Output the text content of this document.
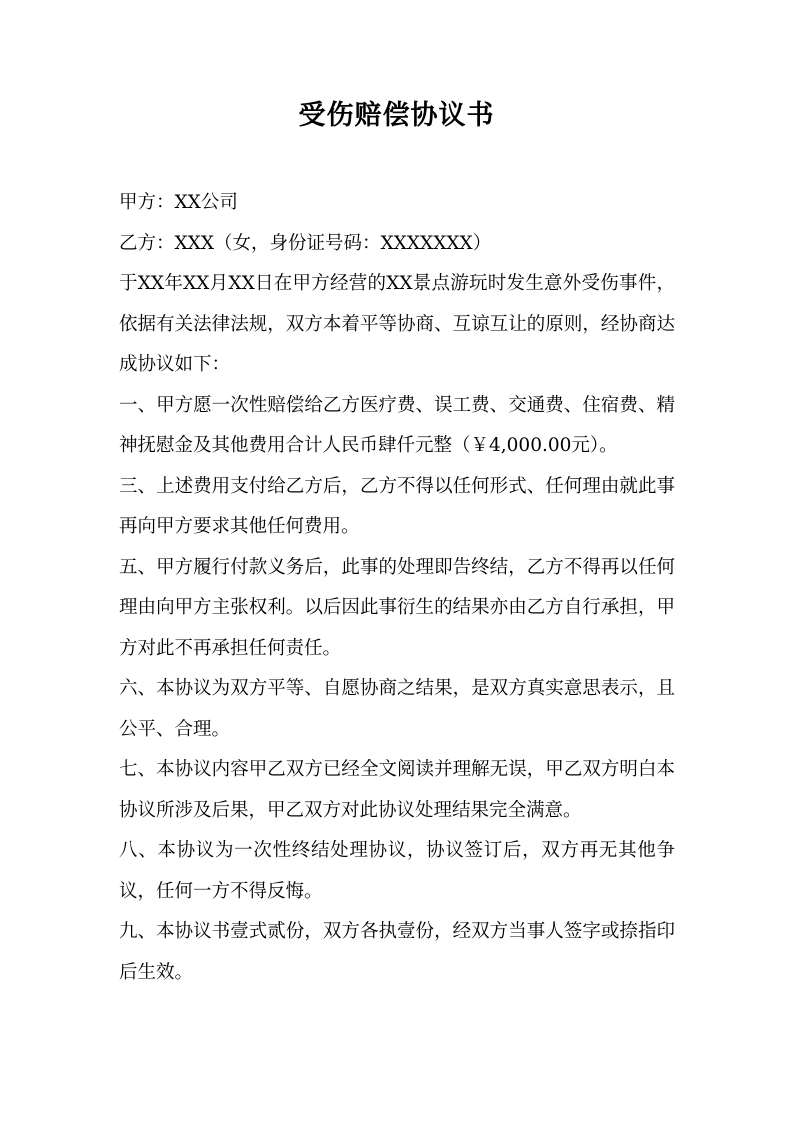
受伤赔偿协议书

甲方：XX公司

乙方：XXX（女，身份证号码：XXXXXXX）

于XX年XX月XX日在甲方经营的XX景点游玩时发生意外受伤事件，依据有关法律法规，双方本着平等协商、互谅互让的原则，经协商达成协议如下：

一、甲方愿一次性赔偿给乙方医疗费、误工费、交通费、住宿费、精神抚慰金及其他费用合计人民币肆仟元整（￥4,000.00元）。

三、上述费用支付给乙方后，乙方不得以任何形式、任何理由就此事再向甲方要求其他任何费用。

五、甲方履行付款义务后，此事的处理即告终结，乙方不得再以任何理由向甲方主张权利。以后因此事衍生的结果亦由乙方自行承担，甲方对此不再承担任何责任。

六、本协议为双方平等、自愿协商之结果，是双方真实意思表示，且公平、合理。

七、本协议内容甲乙双方已经全文阅读并理解无误，甲乙双方明白本协议所涉及后果，甲乙双方对此协议处理结果完全满意。

八、本协议为一次性终结处理协议，协议签订后，双方再无其他争议，任何一方不得反悔。

九、本协议书壹式贰份，双方各执壹份，经双方当事人签字或捺指印后生效。
